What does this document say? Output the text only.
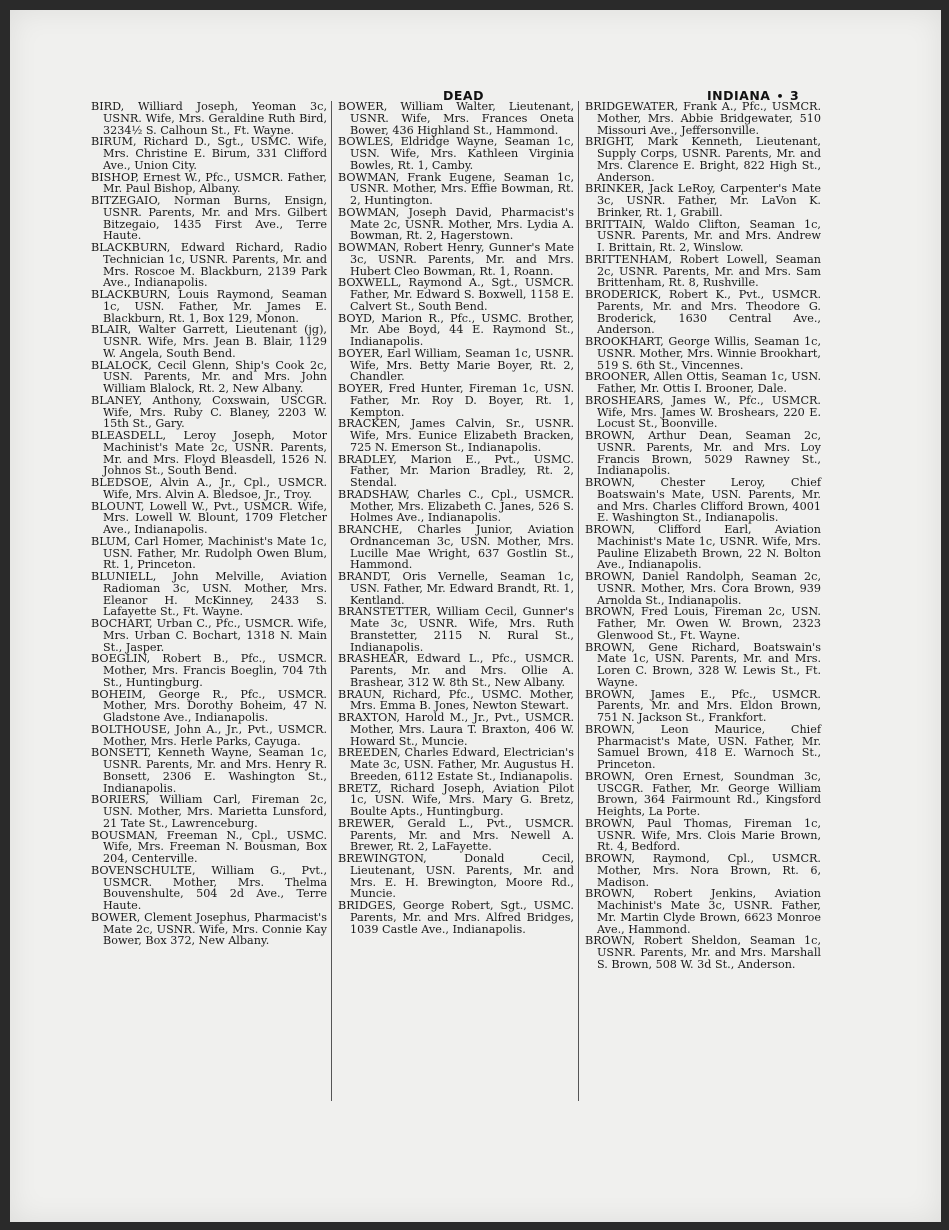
DEAD	INDIANA • 3

BIRD, Williard Joseph, Yeoman 3c, USNR. Wife, Mrs. Geraldine Ruth Bird, 3234½ S. Calhoun St., Ft. Wayne.

BIRUM, Richard D., Sgt., USMC. Wife, Mrs. Christine E. Birum, 331 Clifford Ave., Union City.

BISHOP, Ernest W., Pfc., USMCR. Father, Mr. Paul Bishop, Albany.

BITZEGAIO, Norman Burns, Ensign, USNR. Parents, Mr. and Mrs. Gilbert Bitzegaio, 1435 First Ave., Terre Haute.

BLACKBURN, Edward Richard, Radio Technician 1c, USNR. Parents, Mr. and Mrs. Roscoe M. Blackburn, 2139 Park Ave., Indianapolis.

BLACKBURN, Louis Raymond, Seaman 1c, USN. Father, Mr. James E. Blackburn, Rt. 1, Box 129, Monon.

BLAIR, Walter Garrett, Lieutenant (jg), USNR. Wife, Mrs. Jean B. Blair, 1129 W. Angela, South Bend.

BLALOCK, Cecil Glenn, Ship's Cook 2c, USN. Parents, Mr. and Mrs. John William Blalock, Rt. 2, New Albany.

BLANEY, Anthony, Coxswain, USCGR. Wife, Mrs. Ruby C. Blaney, 2203 W. 15th St., Gary.

BLEASDELL, Leroy Joseph, Motor Machinist's Mate 2c, USNR. Parents, Mr. and Mrs. Floyd Bleasdell, 1526 N. Johnos St., South Bend.

BLEDSOE, Alvin A., Jr., Cpl., USMCR. Wife, Mrs. Alvin A. Bledsoe, Jr., Troy.

BLOUNT, Lowell W., Pvt., USMCR. Wife, Mrs. Lowell W. Blount, 1709 Fletcher Ave., Indianapolis.

BLUM, Carl Homer, Machinist's Mate 1c, USN. Father, Mr. Rudolph Owen Blum, Rt. 1, Princeton.

BLUNIELL, John Melville, Aviation Radioman 3c, USN. Mother, Mrs. Eleanor H. McKinney, 2433 S. Lafayette St., Ft. Wayne.

BOCHART, Urban C., Pfc., USMCR. Wife, Mrs. Urban C. Bochart, 1318 N. Main St., Jasper.

BOEGLIN, Robert B., Pfc., USMCR. Mother, Mrs. Francis Boeglin, 704 7th St., Huntingburg.

BOHEIM, George R., Pfc., USMCR. Mother, Mrs. Dorothy Boheim, 47 N. Gladstone Ave., Indianapolis.

BOLTHOUSE, John A., Jr., Pvt., USMCR. Mother, Mrs. Herle Parks, Cayuga.

BONSETT, Kenneth Wayne, Seaman 1c, USNR. Parents, Mr. and Mrs. Henry R. Bonsett, 2306 E. Washington St., Indianapolis.

BORIERS, William Carl, Fireman 2c, USN. Mother, Mrs. Marietta Lunsford, 21 Tate St., Lawrenceburg.

BOUSMAN, Freeman N., Cpl., USMC. Wife, Mrs. Freeman N. Bousman, Box 204, Centerville.

BOVENSCHULTE, William G., Pvt., USMCR. Mother, Mrs. Thelma Bouvenshulte, 504 2d Ave., Terre Haute.

BOWER, Clement Josephus, Pharmacist's Mate 2c, USNR. Wife, Mrs. Connie Kay Bower, Box 372, New Albany.

BOWER, William Walter, Lieutenant, USNR. Wife, Mrs. Frances Oneta Bower, 436 Highland St., Hammond.

BOWLES, Eldridge Wayne, Seaman 1c, USN. Wife, Mrs. Kathleen Virginia Bowles, Rt. 1, Camby.

BOWMAN, Frank Eugene, Seaman 1c, USNR. Mother, Mrs. Effie Bowman, Rt. 2, Huntington.

BOWMAN, Joseph David, Pharmacist's Mate 2c, USNR. Mother, Mrs. Lydia A. Bowman, Rt. 2, Hagerstown.

BOWMAN, Robert Henry, Gunner's Mate 3c, USNR. Parents, Mr. and Mrs. Hubert Cleo Bowman, Rt. 1, Roann.

BOXWELL, Raymond A., Sgt., USMCR. Father, Mr. Edward S. Boxwell, 1158 E. Calvert St., South Bend.

BOYD, Marion R., Pfc., USMC. Brother, Mr. Abe Boyd, 44 E. Raymond St., Indianapolis.

BOYER, Earl William, Seaman 1c, USNR. Wife, Mrs. Betty Marie Boyer, Rt. 2, Chandler.

BOYER, Fred Hunter, Fireman 1c, USN. Father, Mr. Roy D. Boyer, Rt. 1, Kempton.

BRACKEN, James Calvin, Sr., USNR. Wife, Mrs. Eunice Elizabeth Bracken, 725 N. Emerson St., Indianapolis.

BRADLEY, Marion E., Pvt., USMC. Father, Mr. Marion Bradley, Rt. 2, Stendal.

BRADSHAW, Charles C., Cpl., USMCR. Mother, Mrs. Elizabeth C. Janes, 526 S. Holmes Ave., Indianapolis.

BRANCHE, Charles Junior, Aviation Ordnanceman 3c, USN. Mother, Mrs. Lucille Mae Wright, 637 Gostlin St., Hammond.

BRANDT, Oris Vernelle, Seaman 1c, USN. Father, Mr. Edward Brandt, Rt. 1, Kentland.

BRANSTETTER, William Cecil, Gunner's Mate 3c, USNR. Wife, Mrs. Ruth Branstetter, 2115 N. Rural St., Indianapolis.

BRASHEAR, Edward L., Pfc., USMCR. Parents, Mr. and Mrs. Ollie A. Brashear, 312 W. 8th St., New Albany.

BRAUN, Richard, Pfc., USMC. Mother, Mrs. Emma B. Jones, Newton Stewart.

BRAXTON, Harold M., Jr., Pvt., USMCR. Mother, Mrs. Laura T. Braxton, 406 W. Howard St., Muncie.

BREEDEN, Charles Edward, Electrician's Mate 3c, USN. Father, Mr. Augustus H. Breeden, 6112 Estate St., Indianapolis.

BRETZ, Richard Joseph, Aviation Pilot 1c, USN. Wife, Mrs. Mary G. Bretz, Boulte Apts., Huntingburg.

BREWER, Gerald L., Pvt., USMCR. Parents, Mr. and Mrs. Newell A. Brewer, Rt. 2, LaFayette.

BREWINGTON, Donald Cecil, Lieutenant, USN. Parents, Mr. and Mrs. E. H. Brewington, Moore Rd., Muncie.

BRIDGES, George Robert, Sgt., USMC. Parents, Mr. and Mrs. Alfred Bridges, 1039 Castle Ave., Indianapolis.

BRIDGEWATER, Frank A., Pfc., USMCR. Mother, Mrs. Abbie Bridgewater, 510 Missouri Ave., Jeffersonville.

BRIGHT, Mark Kenneth, Lieutenant, Supply Corps, USNR. Parents, Mr. and Mrs. Clarence E. Bright, 822 High St., Anderson.

BRINKER, Jack LeRoy, Carpenter's Mate 3c, USNR. Father, Mr. LaVon K. Brinker, Rt. 1, Grabill.

BRITTAIN, Waldo Clifton, Seaman 1c, USNR. Parents, Mr. and Mrs. Andrew I. Brittain, Rt. 2, Winslow.

BRITTENHAM, Robert Lowell, Seaman 2c, USNR. Parents, Mr. and Mrs. Sam Brittenham, Rt. 8, Rushville.

BRODERICK, Robert K., Pvt., USMCR. Parents, Mr. and Mrs. Theodore G. Broderick, 1630 Central Ave., Anderson.

BROOKHART, George Willis, Seaman 1c, USNR. Mother, Mrs. Winnie Brookhart, 519 S. 6th St., Vincennes.

BROONER, Allen Ottis, Seaman 1c, USN. Father, Mr. Ottis I. Brooner, Dale.

BROSHEARS, James W., Pfc., USMCR. Wife, Mrs. James W. Broshears, 220 E. Locust St., Boonville.

BROWN, Arthur Dean, Seaman 2c, USNR. Parents, Mr. and Mrs. Loy Francis Brown, 5029 Rawney St., Indianapolis.

BROWN, Chester Leroy, Chief Boatswain's Mate, USN. Parents, Mr. and Mrs. Charles Clifford Brown, 4001 E. Washington St., Indianapolis.

BROWN, Clifford Earl, Aviation Machinist's Mate 1c, USNR. Wife, Mrs. Pauline Elizabeth Brown, 22 N. Bolton Ave., Indianapolis.

BROWN, Daniel Randolph, Seaman 2c, USNR. Mother, Mrs. Cora Brown, 939 Arnolda St., Indianapolis.

BROWN, Fred Louis, Fireman 2c, USN. Father, Mr. Owen W. Brown, 2323 Glenwood St., Ft. Wayne.

BROWN, Gene Richard, Boatswain's Mate 1c, USN. Parents, Mr. and Mrs. Loren C. Brown, 328 W. Lewis St., Ft. Wayne.

BROWN, James E., Pfc., USMCR. Parents, Mr. and Mrs. Eldon Brown, 751 N. Jackson St., Frankfort.

BROWN, Leon Maurice, Chief Pharmacist's Mate, USN. Father, Mr. Samuel Brown, 418 E. Warnoch St., Princeton.

BROWN, Oren Ernest, Soundman 3c, USCGR. Father, Mr. George William Brown, 364 Fairmount Rd., Kingsford Heights, La Porte.

BROWN, Paul Thomas, Fireman 1c, USNR. Wife, Mrs. Clois Marie Brown, Rt. 4, Bedford.

BROWN, Raymond, Cpl., USMCR. Mother, Mrs. Nora Brown, Rt. 6, Madison.

BROWN, Robert Jenkins, Aviation Machinist's Mate 3c, USNR. Father, Mr. Martin Clyde Brown, 6623 Monroe Ave., Hammond.

BROWN, Robert Sheldon, Seaman 1c, USNR. Parents, Mr. and Mrs. Marshall S. Brown, 508 W. 3d St., Anderson.
